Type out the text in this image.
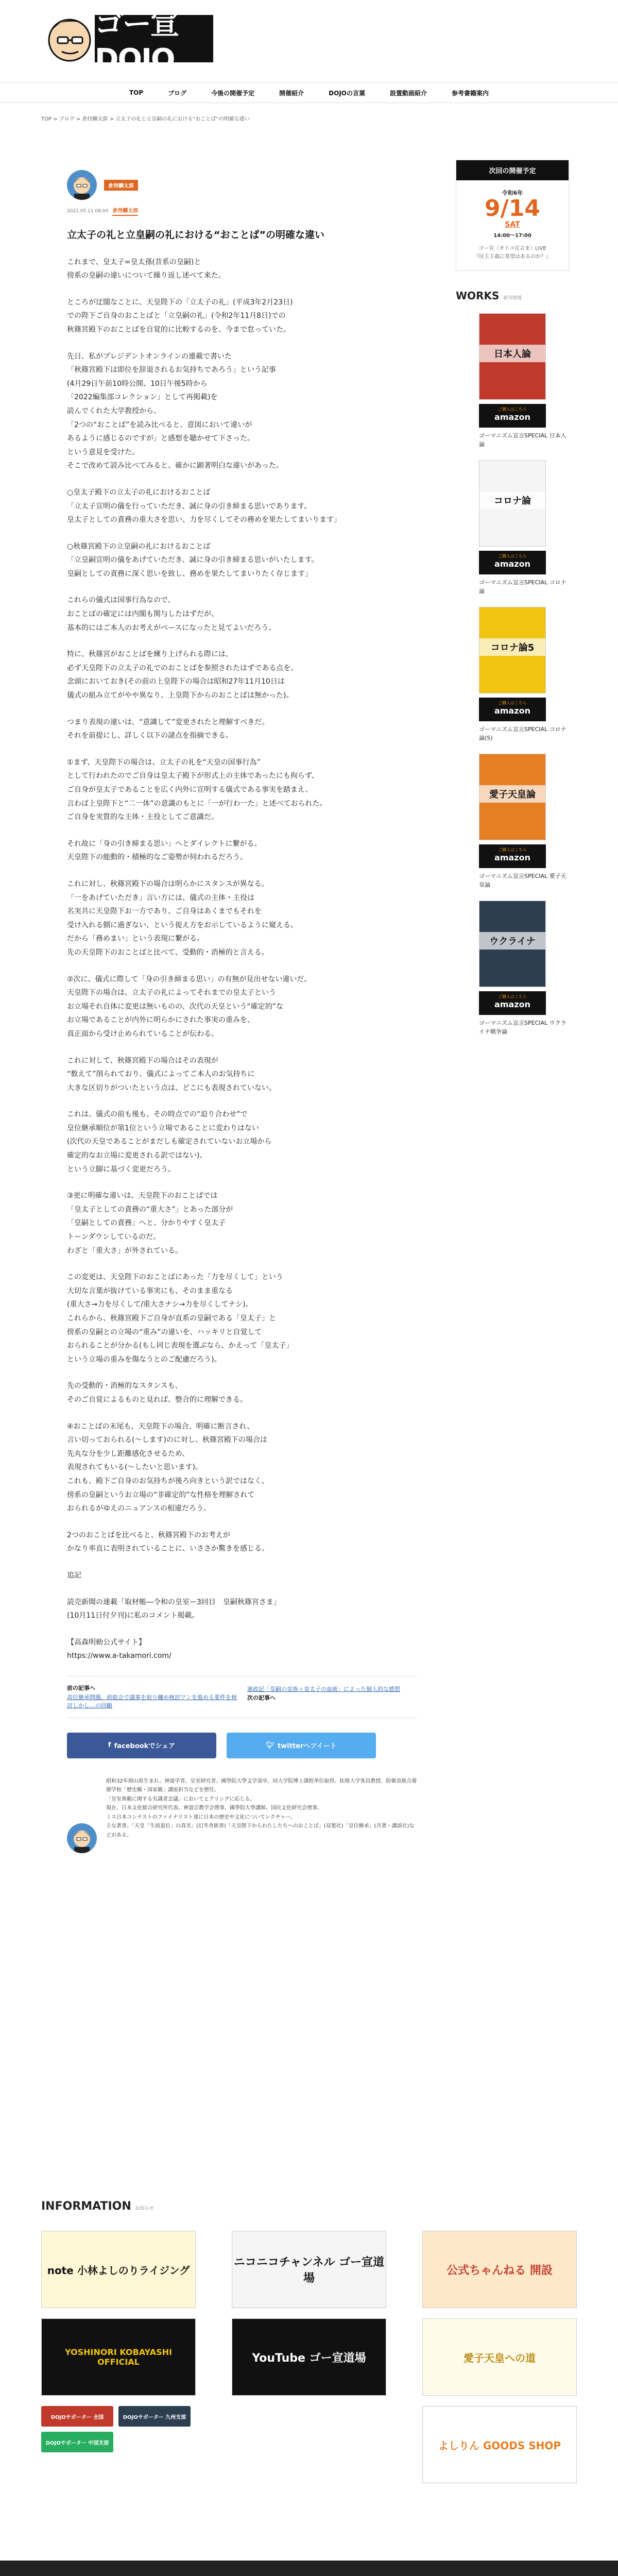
ゴー宣DOJO
TOP	ブログ	今後の開催予定	開催紹介	DOJOの言葉	設置動画紹介	参考書籍案内
TOP > ブログ > 倉持麟太郎 > 立太子の礼と立皇嗣の礼における“おことば”の明確な違い
倉持麟太郎
2021.05.11 08:00 倉持麟太郎
立太子の礼と立皇嗣の礼における“おことば”の明確な違い

これまで、皇太子=皇太孫(昔系の皇嗣)と
傍系の皇嗣の違いについて繰り返し述べて来た。

ところが迂闊なことに、天皇陛下の「立太子の礼」(平成3年2月23日)
での陛下ご自身のおことばと「立皇嗣の礼」(令和2年11月8日)での
秋篠宮殿下のおことばを自覚的に比較するのを、今まで怠っていた。

先日、私がプレジデントオンラインの連載で書いた
「秋篠宮殿下は即位を辞退されるお気持ちであろう」という記事
(4月29日午前10時公開、10日午後5時から
「2022編集部コレクション」として再掲載)を
読んでくれた大学教授から、
「2つの“おことば”を読み比べると、意図において違いが
あるように感じるのですが」と感想を聴かせて下さった。
という意見を受けた。
そこで改めて読み比べてみると、確かに顕著明白な違いがあった。

○皇太子殿下の立太子の礼におけるおことば
「立太子宣明の儀を行っていただき、誠に身の引き締まる思いであります。
皇太子としての責務の重大さを思い、力を尽くしてその務めを果たしてまいります」

○秋篠宮殿下の立皇嗣の礼におけるおことば
「立皇嗣宣明の儀をあげていただき、誠に身の引き締まる思いがいたします。
皇嗣としての責務に深く思いを致し、務めを果たしてまいりたく存じます」

これらの儀式は国事行為なので、
おことばの確定には内閣も関与したはずだが、
基本的にはご本人のお考えがベースになったと見てよいだろう。

特に、秋篠宮がおことばを練り上げられる際には、
必ず天皇陛下の立太子の礼でのおことばを参照されたはずである点を、
念頭においておき(その前の上皇陛下の場合は昭和27年11月10日は
儀式の組み立てがやや異なり、上皇陛下からのおことばは無かった)。

つまり表現の違いは、“意識して”変更されたと理解すべきだ。
それを前提にし、詳しく以下の諸点を指摘できる。

①まず、天皇陛下の場合は、立太子の礼を“天皇の国事行為”
として行われたのでご自身は皇太子殿下が形式上の主体であったにも拘らず、
ご自身が皇太子であることを広く内外に宣明する儀式である事実を踏まえ、
言わば上皇陛下と“二一体”の意識のもとに「一が行わ一た」と述べておられた。
ご自身を実質的な主体・主役としてご意識だ。

それ故に「身の引き締まる思い」へとダイレクトに繋がる。
天皇陛下の能動的・積極的なご姿勢が伺われるだろう。

これに対し、秋篠宮殿下の場合は明らかにスタンスが異なる。
「一をあげていただき」言い方には、儀式の主体・主役は
名実共に天皇陛下お一方であり、ご自身はあくまでもそれを
受け入れる側に過ぎない、という捉え方をお示しているように窺える。
だから「務めまい」という表現に繋がる。
先の天皇陛下のおことばと比べて、受動的・消極的と言える。

②次に、儀式に際して「身の引き締まる思い」の有無が見出せない違いだ。
天皇陛下の場合は、立太子の礼によってそれまでの皇太子という
お立場それ自体に変更は無いものの、次代の天皇という“確定的”な
お立場であることが内外に明らかにされた事実の重みを、
真正面から受け止められていることが伝わる。

これに対して、秋篠宮殿下の場合はその表現が
“数えて”削られており、儀式によってご本人のお気持ちに
大きな区切りがついたという点は、どこにも表現されていない。

これは、儀式の前も後も、その時点での“迫り合わせ”で
皇位継承順位が第1位という立場であることに変わりはない
(次代の天皇であることがまだしも確定されていないお立場から
確定的なお立場に変更される訳ではない)、
という立脚に基づく変更だろう。

③更に明確な違いは、天皇陛下のおことばでは
「皇太子としての責務の“重大さ”」とあった部分が
「皇嗣としての責務」へと、分かりやすく皇太子
トーンダウンしているのだ。
わざと「重大さ」が外されている。

この変更は、天皇陛下のおことばにあった「力を尽くして」という
大切な言葉が抜けている事実にも、そのまま重なる
(重大さ→力を尽くして/重大さナシ→力を尽くしてナシ)。
これらから、秋篠宮殿下ご自身が直系の皇嗣である「皇太子」と
傍系の皇嗣との立場の“重み”の違いを、ハッキリと自覚して
おられることが分かる(もし同じ表現を選ぶなら、かえって「皇太子」
という立場の重みを傷なうとのご配慮だろう)。

先の受動的・消極的なスタンスも、
そのご自覚によるものと見れば、整合的に理解できる。

④おことばの末尾も、天皇陛下の場合、明確に断言され、
言い切っておられる(〜します)のに対し、秋篠宮殿下の場合は
先丸な分を少し距離感化させるため、
表現されてもいる(〜したいと思います)。
これも、殿下ご自身のお気持ちが後ろ向きという訳ではなく、
傍系の皇嗣というお立場の“非確定的”な性格を理解されて
おられるがゆえのニュアンスの相違だろう。

2つのおことばを比べると、秋篠宮殿下のお考えが
かなり率直に表明されていることに、いささか驚きを感じる。

追記

読売新聞の連載「取材帳―令和の皇室ー3回目　皇嗣秋篠宮さま」
(10月11日付夕刊)に私のコメント掲載。

【高森明勅公式サイト】
https://www.a-takamori.com/

前の記事へ
高位継承問題、前総会で議事を取り纏め検討ワンを進める要件を検討しかし…の回顧
憲政記「皇嗣の皇族＋皇太子の血統」によった個人的な感想
次の記事へ
f facebookでシェア	🐦︎ twitterへツイート
昭和32年岡山県生まれ。神道学者、皇室研究者。國學院大學文学部卒、同大学院博士課程単位取得。拓殖大学客員教授、防衛省統合幕僚学校「歴史観・国家観」講座担当などを歴任。
「皇室典範に関する有識者会議」においてヒアリングに応じる。
現在、日本文化総合研究所代表。神道宗教学会理事。國學院大學講師。国民文化研究会理事。
ミス日本コンテストのファイナリスト達に日本の歴史や文化についてレクチャー。
主な著書、「天皇「生前退位」の真実」(幻冬舎新書)「天皇陛下からわたしたちへのおことば」(双葉社)「皇位継承」(共著・講談社)などがある。
次回の開催予定
令和6年
9/14
SAT
14:00～17:00
ゴー宣〈オトコ宣言ま〉LIVE
『民主主義に希望はあるのか？』
WORKS 新刊情報
日本人論
ご購入はこちら
amazon
ゴーマニズム宣言SPECIAL 日本人論
コロナ論
ご購入はこちら
amazon
ゴーマニズム宣言SPECIAL コロナ論
コロナ論5
ご購入はこちら
amazon
ゴーマニズム宣言SPECIAL コロナ論(5)
愛子天皇論
ご購入はこちら
amazon
ゴーマニズム宣言SPECIAL 愛子天皇論
ウクライナ
ご購入はこちら
amazon
ゴーマニズム宣言SPECIAL ウクライナ戦争論
INFORMATION お知らせ
note 小林よしのりライジング
ニコニコチャンネル ゴー宣道場
公式ちゃんねる 開設
YOSHINORI KOBAYASHI OFFICIAL	YouTube ゴー宣道場	愛子天皇への道
よしりん GOODS SHOP
DOJOサポーター 全国	DOJOサポーター 九州支部
DOJOサポーター 中国支部
